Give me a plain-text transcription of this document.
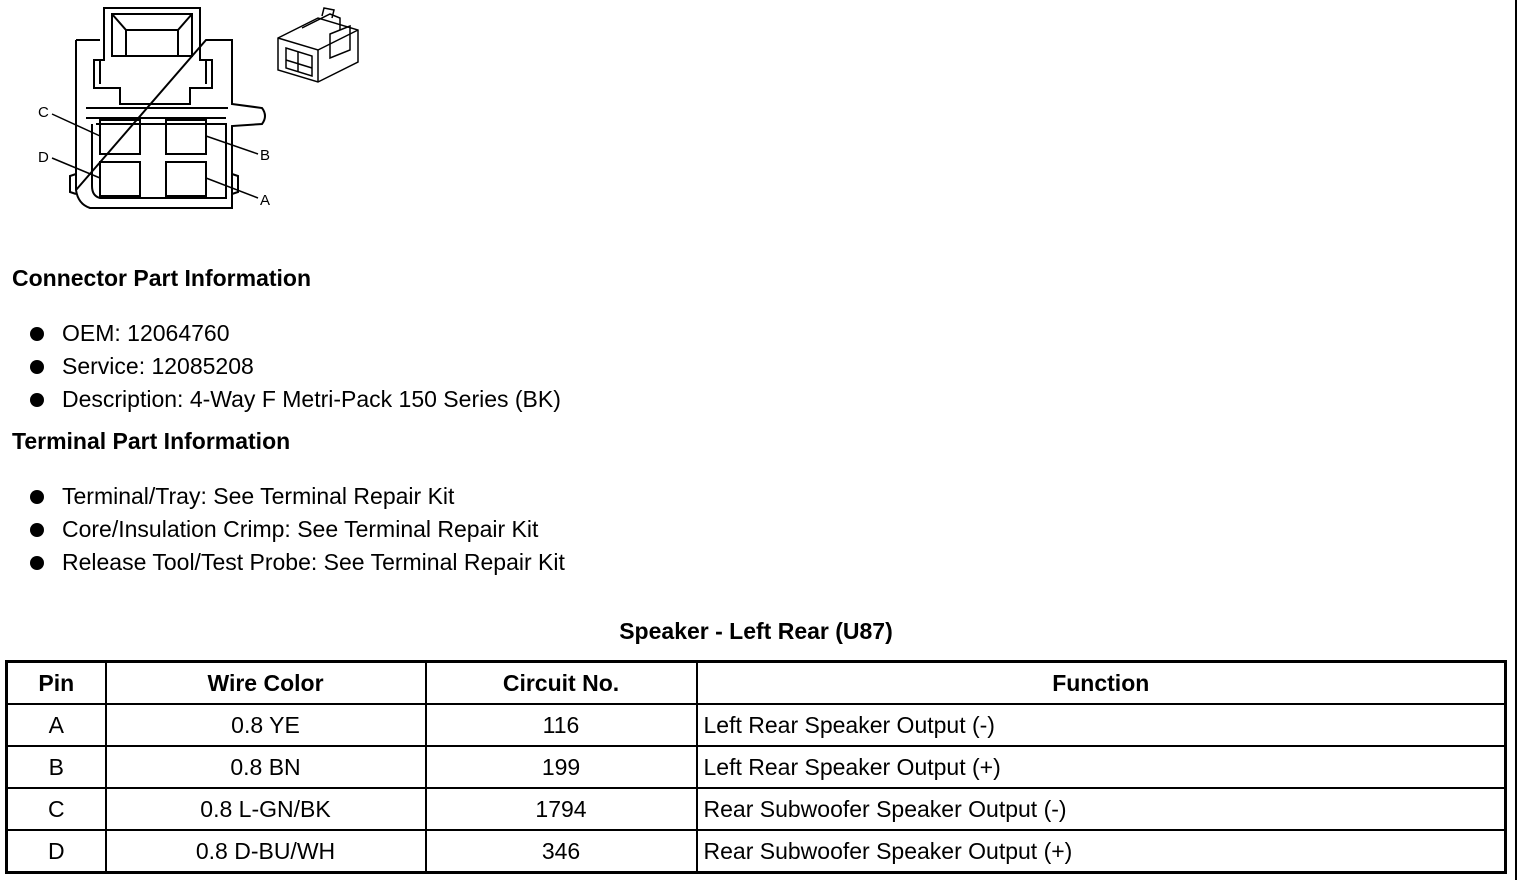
C
D	B
A
Connector Part Information
OEM: 12064760
Service: 12085208
Description: 4-Way F Metri-Pack 150 Series (BK)
Terminal Part Information
Terminal/Tray: See Terminal Repair Kit
Core/Insulation Crimp: See Terminal Repair Kit
Release Tool/Test Probe: See Terminal Repair Kit
Speaker - Left Rear (U87)
Pin	Wire Color	Circuit No.	Function
A	0.8 YE	116	Left Rear Speaker Output (-)
B	0.8 BN	199	Left Rear Speaker Output (+)
C	0.8 L-GN/BK	1794	Rear Subwoofer Speaker Output (-)
D	0.8 D-BU/WH	346	Rear Subwoofer Speaker Output (+)
